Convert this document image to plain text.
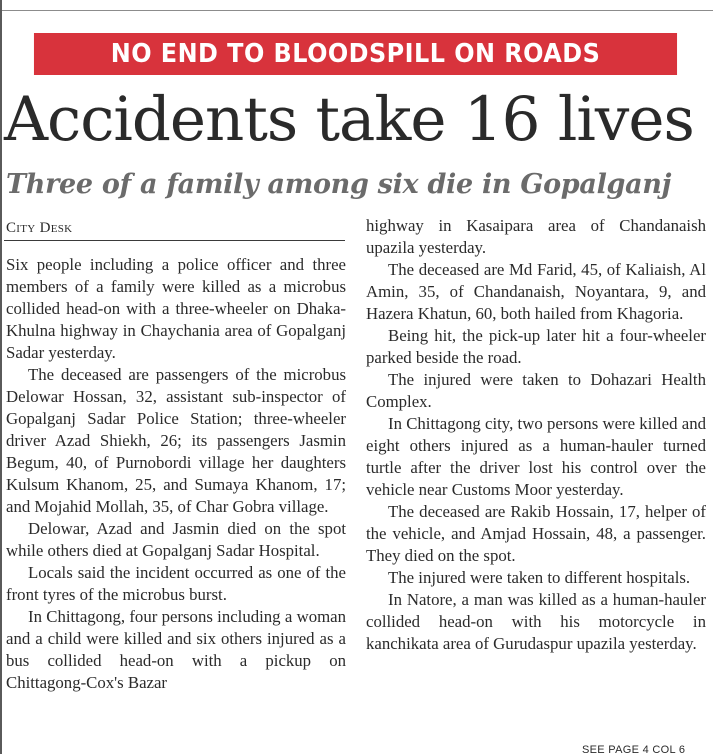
NO END TO BLOODSPILL ON ROADS
Accidents take 16 lives
Three of a family among six die in Gopalganj
City Desk

Six people including a police officer and three members of a family were killed as a microbus collided head-on with a three-wheeler on Dhaka-Khulna highway in Chaychania area of Gopalganj Sadar yesterday.

The deceased are passengers of the microbus Delowar Hossan, 32, assistant sub-inspector of Gopalganj Sadar Police Station; three-wheeler driver Azad Shiekh, 26; its passengers Jasmin Begum, 40, of Purnobordi village her daughters Kulsum Khanom, 25, and Sumaya Khanom, 17; and Mojahid Mollah, 35, of Char Gobra village.

Delowar, Azad and Jasmin died on the spot while others died at Gopalganj Sadar Hospital.

Locals said the incident occurred as one of the front tyres of the microbus burst.

In Chittagong, four persons including a woman and a child were killed and six others injured as a bus collided head-on with a pickup on Chittagong-Cox's Bazar

highway in Kasaipara area of Chandanaish upazila yesterday.

The deceased are Md Farid, 45, of Kaliaish, Al Amin, 35, of Chandanaish, Noyantara, 9, and Hazera Khatun, 60, both hailed from Khagoria.

Being hit, the pick-up later hit a four-wheeler parked beside the road.

The injured were taken to Dohazari Health Complex.

In Chittagong city, two persons were killed and eight others injured as a human-hauler turned turtle after the driver lost his control over the vehicle near Customs Moor yesterday.

The deceased are Rakib Hossain, 17, helper of the vehicle, and Amjad Hossain, 48, a passenger. They died on the spot.

The injured were taken to different hospitals.

In Natore, a man was killed as a human-hauler collided head-on with his motorcycle in kanchikata area of Gurudaspur upazila yesterday.

SEE PAGE 4 COL 6
